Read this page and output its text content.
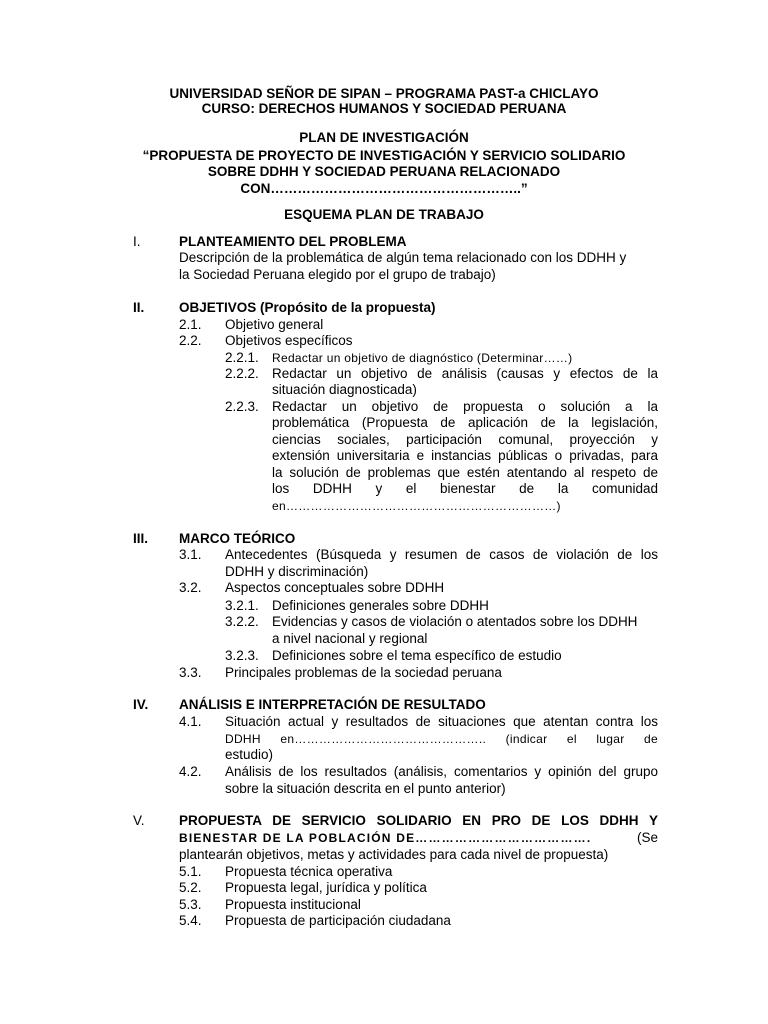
UNIVERSIDAD SEÑOR DE SIPAN – PROGRAMA PAST-a CHICLAYO
CURSO: DERECHOS HUMANOS Y SOCIEDAD PERUANA
PLAN DE INVESTIGACIÓN
“PROPUESTA DE PROYECTO DE INVESTIGACIÓN Y SERVICIO SOLIDARIO
SOBRE DDHH Y SOCIEDAD PERUANA RELACIONADO
CON………………………………………………..”
ESQUEMA PLAN DE TRABAJO
I.	PLANTEAMIENTO DEL PROBLEMA
Descripción de la problemática de algún tema relacionado con los DDHH y
la Sociedad Peruana elegido por el grupo de trabajo)
II.	OBJETIVOS (Propósito de la propuesta)
2.1. Objetivo general
2.2. Objetivos específicos
2.2.1. Redactar un objetivo de diagnóstico (Determinar……)
2.2.2. Redactar un objetivo de análisis (causas y efectos de la
situación diagnosticada)
2.2.3. Redactar un objetivo de propuesta o solución a la
problemática (Propuesta de aplicación de la legislación,
ciencias sociales, participación comunal, proyección y
extensión universitaria e instancias públicas o privadas, para
la solución de problemas que estén atentando al respeto de
los DDHH y el bienestar de la comunidad
en…………………………………………………………)
III. MARCO TEÓRICO
3.1. Antecedentes (Búsqueda y resumen de casos de violación de los
DDHH y discriminación)
3.2. Aspectos conceptuales sobre DDHH
3.2.1. Definiciones generales sobre DDHH
3.2.2. Evidencias y casos de violación o atentados sobre los DDHH
a nivel nacional y regional
3.2.3. Definiciones sobre el tema específico de estudio
3.3. Principales problemas de la sociedad peruana
IV. ANÁLISIS E INTERPRETACIÓN DE RESULTADO
4.1. Situación actual y resultados de situaciones que atentan contra los
DDHH en……………………………………….. (indicar el lugar de
estudio)
4.2. Análisis de los resultados (análisis, comentarios y opinión del grupo
sobre la situación descrita en el punto anterior)
V.	PROPUESTA DE SERVICIO SOLIDARIO EN PRO DE LOS DDHH Y
BIENESTAR DE LA POBLACIÓN DE………………………………….	(Se
plantearán objetivos, metas y actividades para cada nivel de propuesta)
5.1. Propuesta técnica operativa
5.2. Propuesta legal, jurídica y política
5.3. Propuesta institucional
5.4. Propuesta de participación ciudadana
